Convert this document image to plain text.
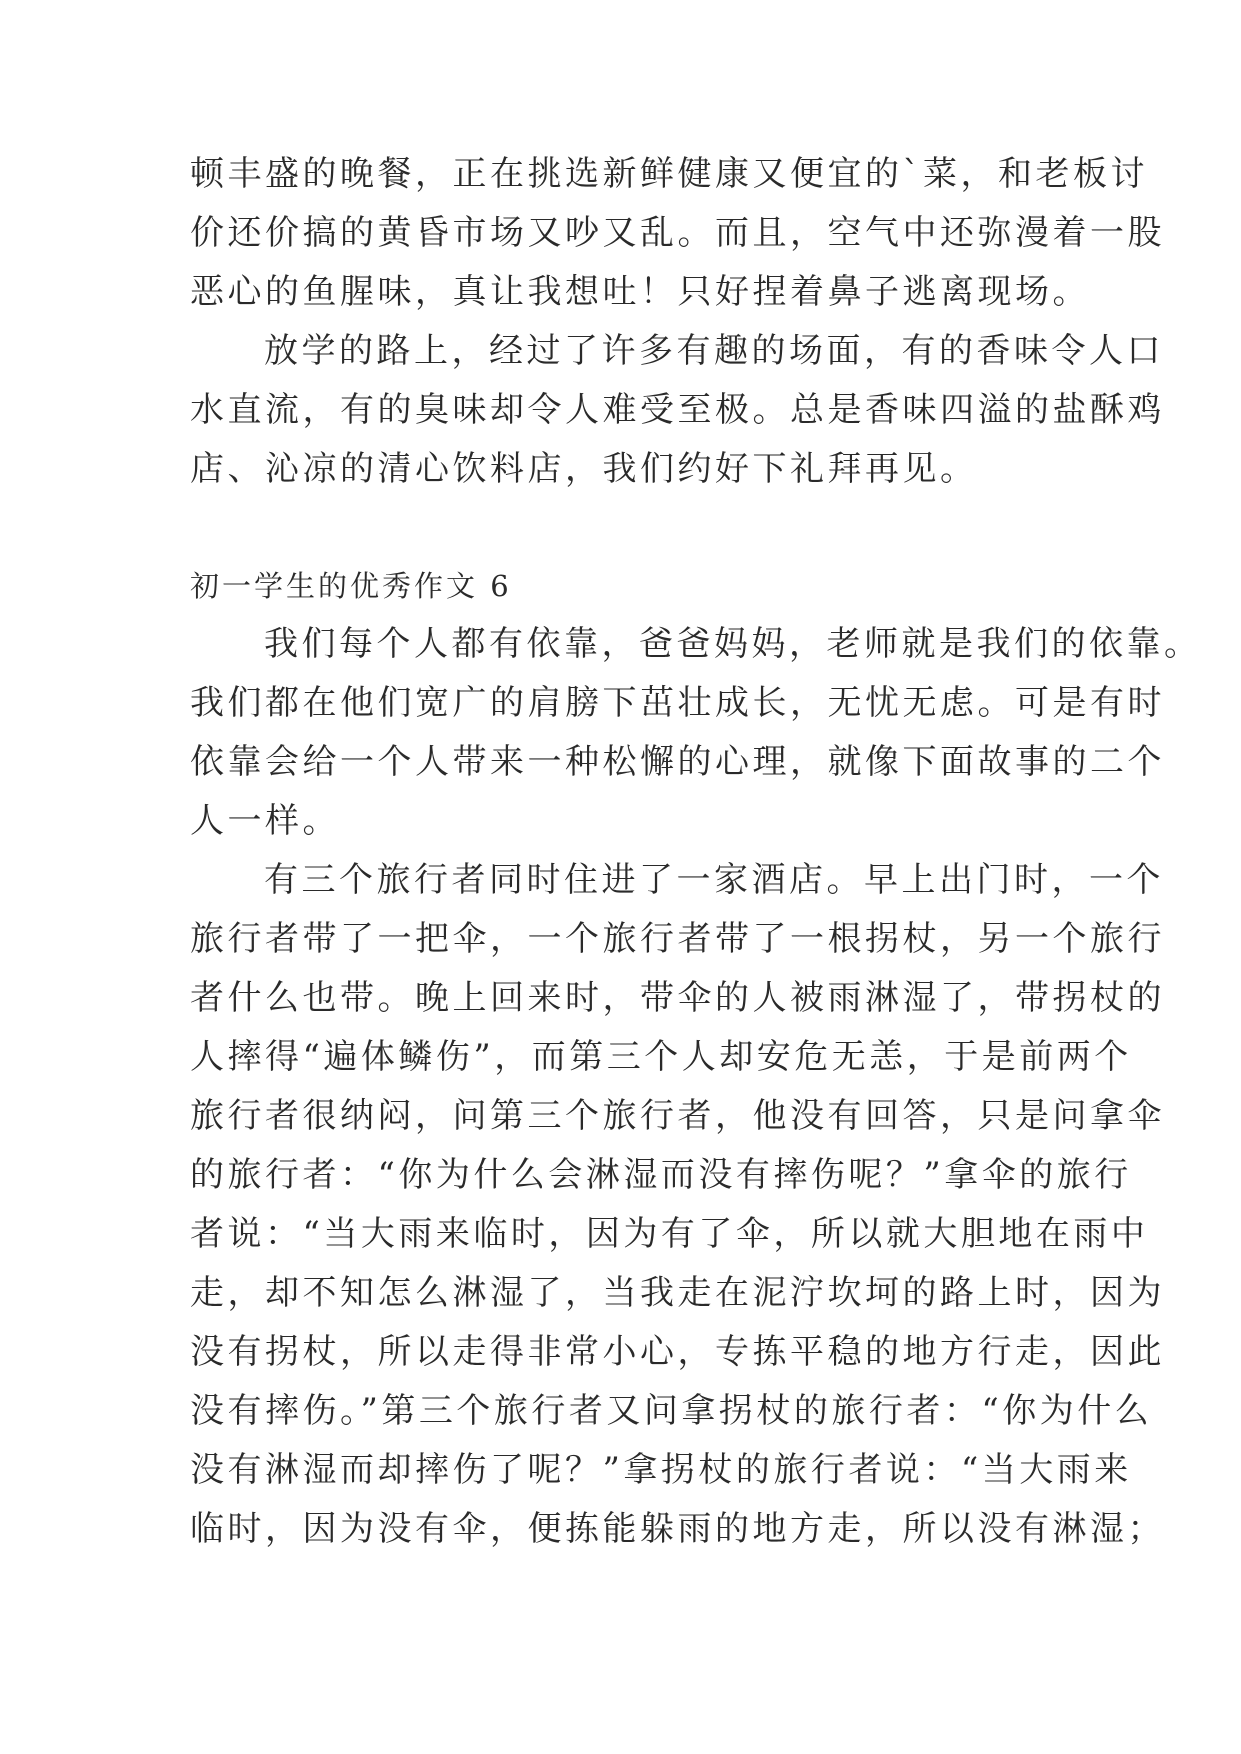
顿丰盛的晚餐，正在挑选新鲜健康又便宜的`菜，和老板讨
价还价搞的黄昏市场又吵又乱。而且，空气中还弥漫着一股
恶心的鱼腥味，真让我想吐！只好捏着鼻子逃离现场。
放学的路上，经过了许多有趣的场面，有的香味令人口
水直流，有的臭味却令人难受至极。总是香味四溢的盐酥鸡
店、沁凉的清心饮料店，我们约好下礼拜再见。
初一学生的优秀作文 6
我们每个人都有依靠，爸爸妈妈，老师就是我们的依靠。
我们都在他们宽广的肩膀下茁壮成长，无忧无虑。可是有时
依靠会给一个人带来一种松懈的心理，就像下面故事的二个
人一样。
有三个旅行者同时住进了一家酒店。早上出门时，一个
旅行者带了一把伞，一个旅行者带了一根拐杖，另一个旅行
者什么也带。晚上回来时，带伞的人被雨淋湿了，带拐杖的
人摔得“遍体鳞伤”，而第三个人却安危无恙，于是前两个
旅行者很纳闷，问第三个旅行者，他没有回答，只是问拿伞
的旅行者：“你为什么会淋湿而没有摔伤呢？”拿伞的旅行
者说：“当大雨来临时，因为有了伞，所以就大胆地在雨中
走，却不知怎么淋湿了，当我走在泥泞坎坷的路上时，因为
没有拐杖，所以走得非常小心，专拣平稳的地方行走，因此
没有摔伤。”第三个旅行者又问拿拐杖的旅行者：“你为什么
没有淋湿而却摔伤了呢？”拿拐杖的旅行者说：“当大雨来
临时，因为没有伞，便拣能躲雨的地方走，所以没有淋湿；
